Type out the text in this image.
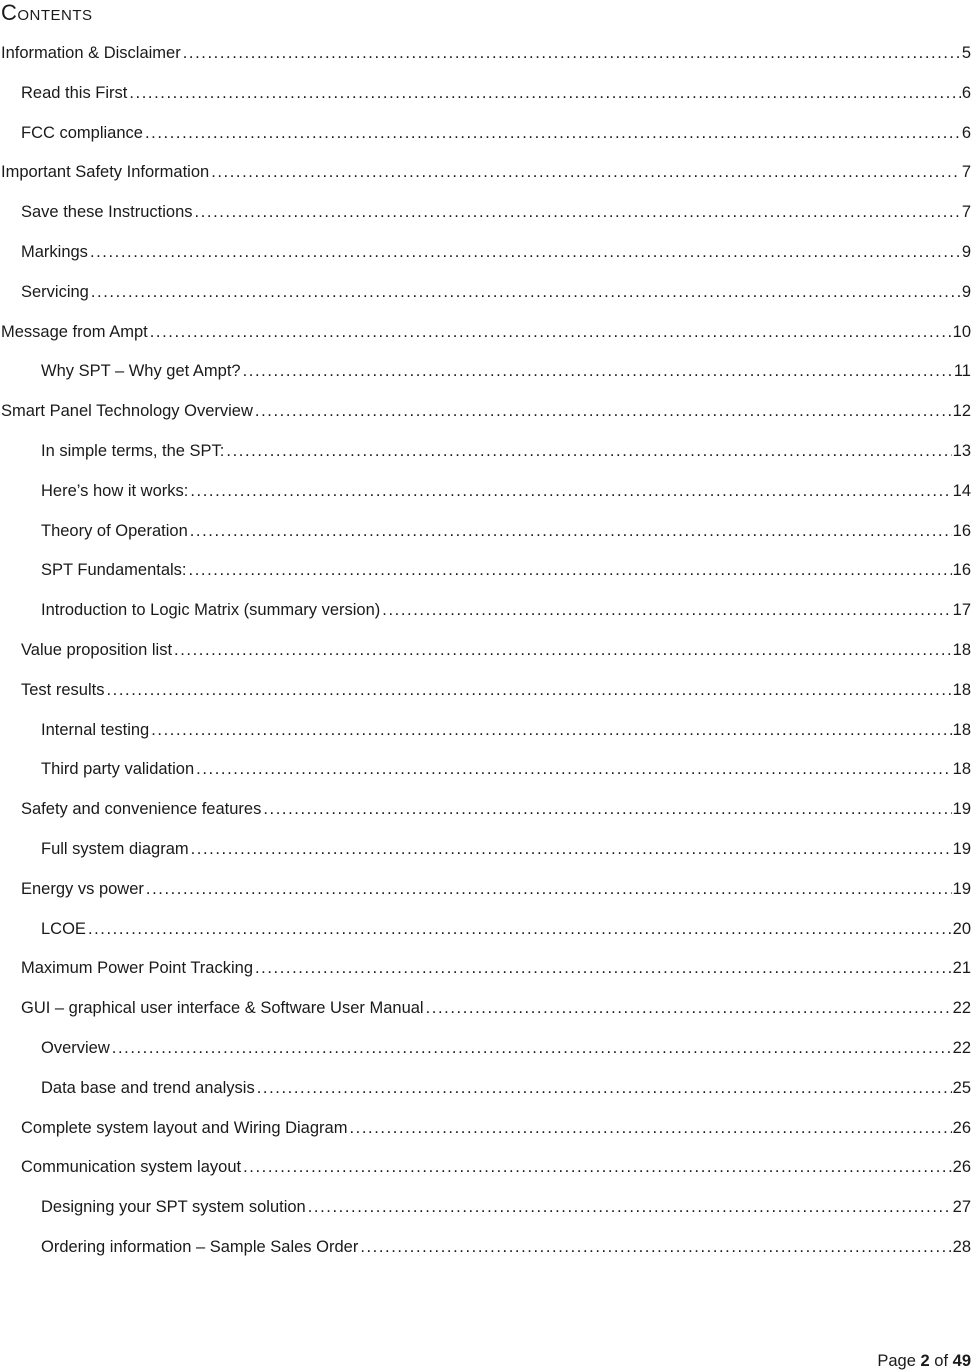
Contents
Information & Disclaimer .....	5
Read this First .....	6
FCC compliance .....	6
Important Safety Information .....	7
Save these Instructions .....	7
Markings .....	9
Servicing .....	9
Message from Ampt .....	10
Why SPT – Why get Ampt? .....	11
Smart Panel Technology Overview .....	12
In simple terms, the SPT: .....	13
Here’s how it works: .....	14
Theory of Operation .....	16
SPT Fundamentals: .....	16
Introduction to Logic Matrix (summary version) .....	17
Value proposition list .....	18
Test results .....	18
Internal testing .....	18
Third party validation .....	18
Safety and convenience features .....	19
Full system diagram .....	19
Energy vs power .....	19
LCOE .....	20
Maximum Power Point Tracking .....	21
GUI – graphical user interface & Software User Manual .....	22
Overview .....	22
Data base and trend analysis .....	25
Complete system layout and Wiring Diagram .....	26
Communication system layout .....	26
Designing your SPT system solution .....	27
Ordering information – Sample Sales Order .....	28
Page 2 of 49
